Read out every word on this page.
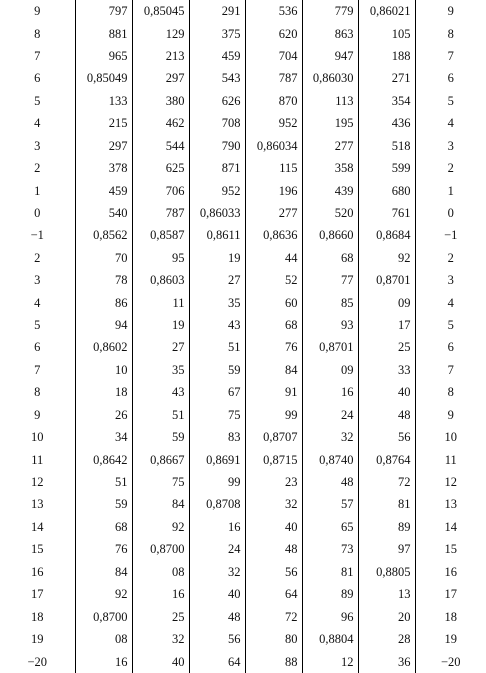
9	797	0,85045	291	536	779	0,86021	9
8	881	129	375	620	863	105	8
7	965	213	459	704	947	188	7
6	0,85049	297	543	787	0,86030	271	6
5	133	380	626	870	113	354	5
4	215	462	708	952	195	436	4
3	297	544	790	0,86034	277	518	3
2	378	625	871	115	358	599	2
1	459	706	952	196	439	680	1
0	540	787	0,86033	277	520	761	0
−1	0,8562	0,8587	0,8611	0,8636	0,8660	0,8684	−1
2	70	95	19	44	68	92	2
3	78	0,8603	27	52	77	0,8701	3
4	86	11	35	60	85	09	4
5	94	19	43	68	93	17	5
6	0,8602	27	51	76	0,8701	25	6
7	10	35	59	84	09	33	7
8	18	43	67	91	16	40	8
9	26	51	75	99	24	48	9
10	34	59	83	0,8707	32	56	10
11	0,8642	0,8667	0,8691	0,8715	0,8740	0,8764	11
12	51	75	99	23	48	72	12
13	59	84	0,8708	32	57	81	13
14	68	92	16	40	65	89	14
15	76	0,8700	24	48	73	97	15
16	84	08	32	56	81	0,8805	16
17	92	16	40	64	89	13	17
18	0,8700	25	48	72	96	20	18
19	08	32	56	80	0,8804	28	19
−20	16	40	64	88	12	36	−20
